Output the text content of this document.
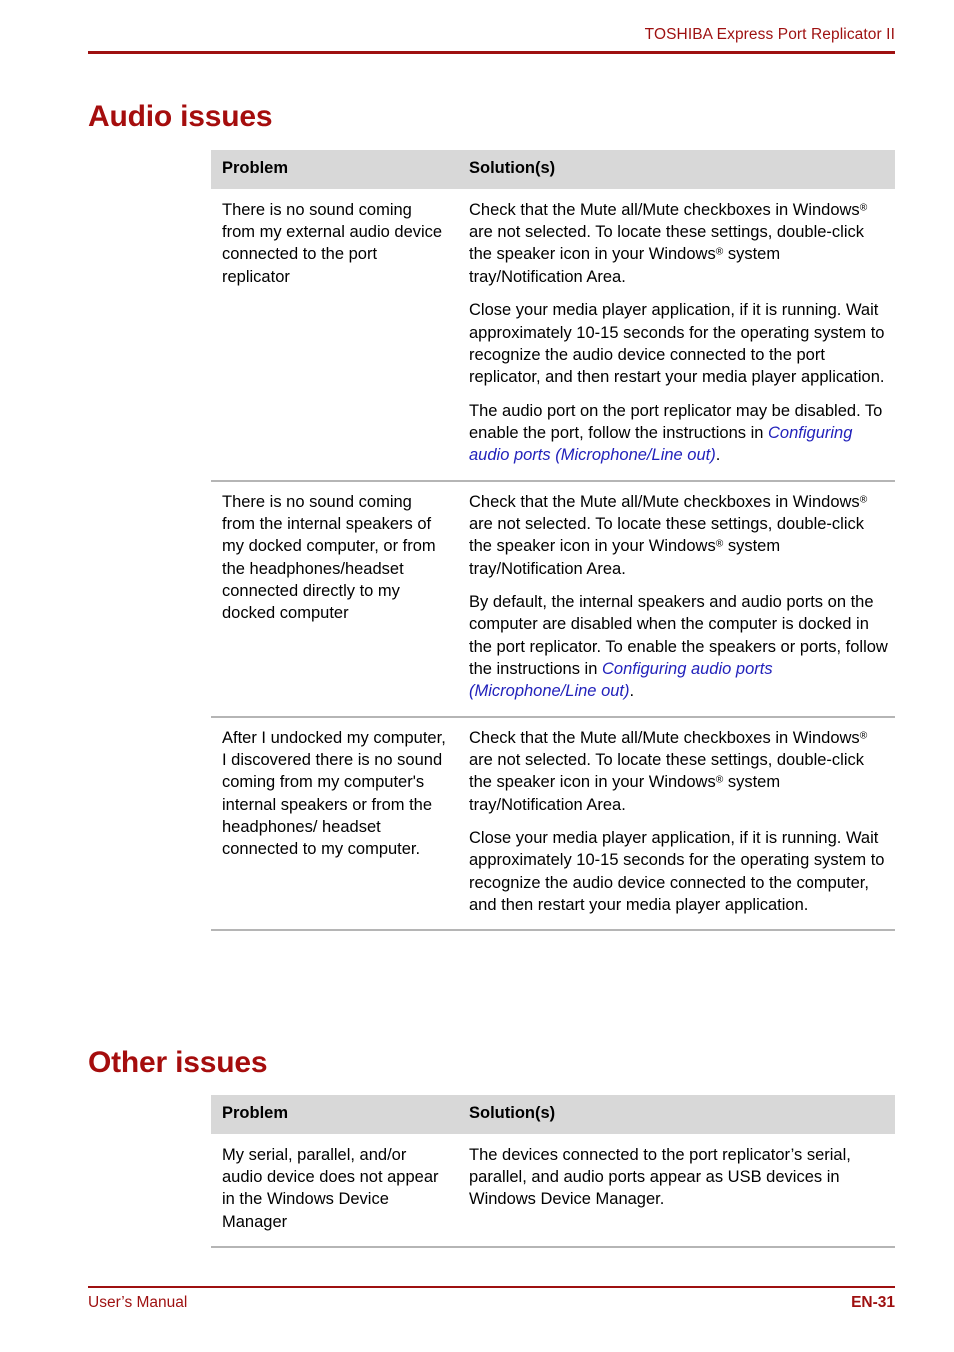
TOSHIBA Express Port Replicator II
Audio issues
Problem	Solution(s)

There is no sound coming from my external audio device connected to the port replicator	Check that the Mute all/Mute checkboxes in Windows® are not selected. To locate these settings, double-click the speaker icon in your Windows® system tray/Notification Area.

Close your media player application, if it is running. Wait approximately 10-15 seconds for the operating system to recognize the audio device connected to the port replicator, and then restart your media player application.

The audio port on the port replicator may be disabled. To enable the port, follow the instructions in Configuring audio ports (Microphone/Line out).

There is no sound coming from the internal speakers of my docked computer, or from the headphones/headset connected directly to my docked computer	Check that the Mute all/Mute checkboxes in Windows® are not selected. To locate these settings, double-click the speaker icon in your Windows® system tray/Notification Area.

By default, the internal speakers and audio ports on the computer are disabled when the computer is docked in the port replicator. To enable the speakers or ports, follow the instructions in Configuring audio ports (Microphone/Line out).

After I undocked my computer, I discovered there is no sound coming from my computer's internal speakers or from the headphones/ headset connected to my computer.	Check that the Mute all/Mute checkboxes in Windows® are not selected. To locate these settings, double-click the speaker icon in your Windows® system tray/Notification Area.

Close your media player application, if it is running. Wait approximately 10-15 seconds for the operating system to recognize the audio device connected to the computer, and then restart your media player application.

Other issues
Problem	Solution(s)

My serial, parallel, and/or audio device does not appear in the Windows Device Manager	The devices connected to the port replicator’s serial, parallel, and audio ports appear as USB devices in Windows Device Manager.

User’s Manual	EN-31
